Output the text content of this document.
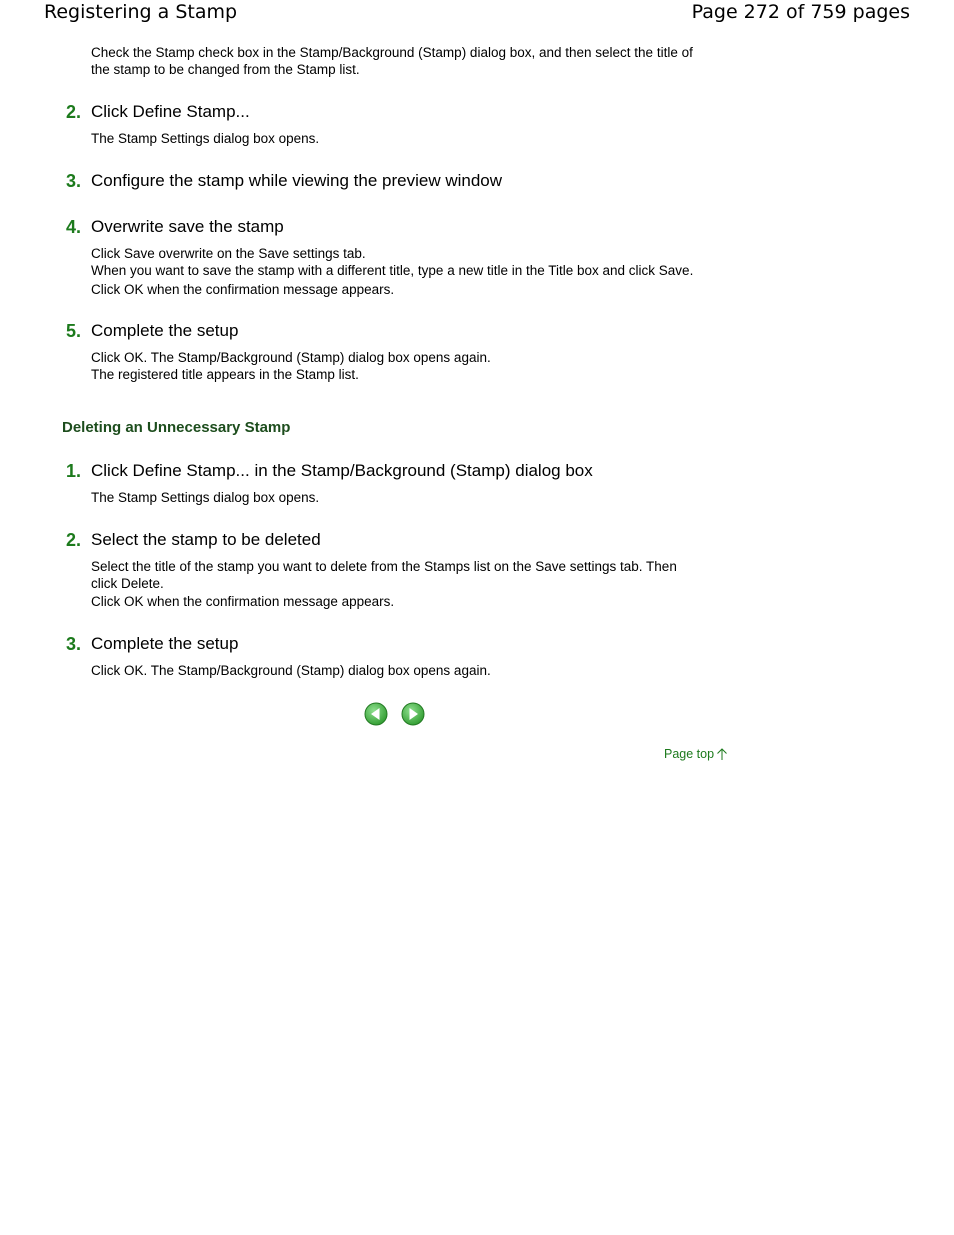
Registering a Stamp	Page 272 of 759 pages
Check the Stamp check box in the Stamp/Background (Stamp) dialog box, and then select the title of
the stamp to be changed from the Stamp list.
2. Click Define Stamp...
The Stamp Settings dialog box opens.
3. Configure the stamp while viewing the preview window
4. Overwrite save the stamp
Click Save overwrite on the Save settings tab.
When you want to save the stamp with a different title, type a new title in the Title box and click Save.
Click OK when the confirmation message appears.
5. Complete the setup
Click OK. The Stamp/Background (Stamp) dialog box opens again.
The registered title appears in the Stamp list.
Deleting an Unnecessary Stamp
1. Click Define Stamp... in the Stamp/Background (Stamp) dialog box
The Stamp Settings dialog box opens.
2. Select the stamp to be deleted
Select the title of the stamp you want to delete from the Stamps list on the Save settings tab. Then
click Delete.
Click OK when the confirmation message appears.
3. Complete the setup
Click OK. The Stamp/Background (Stamp) dialog box opens again.
Page top
